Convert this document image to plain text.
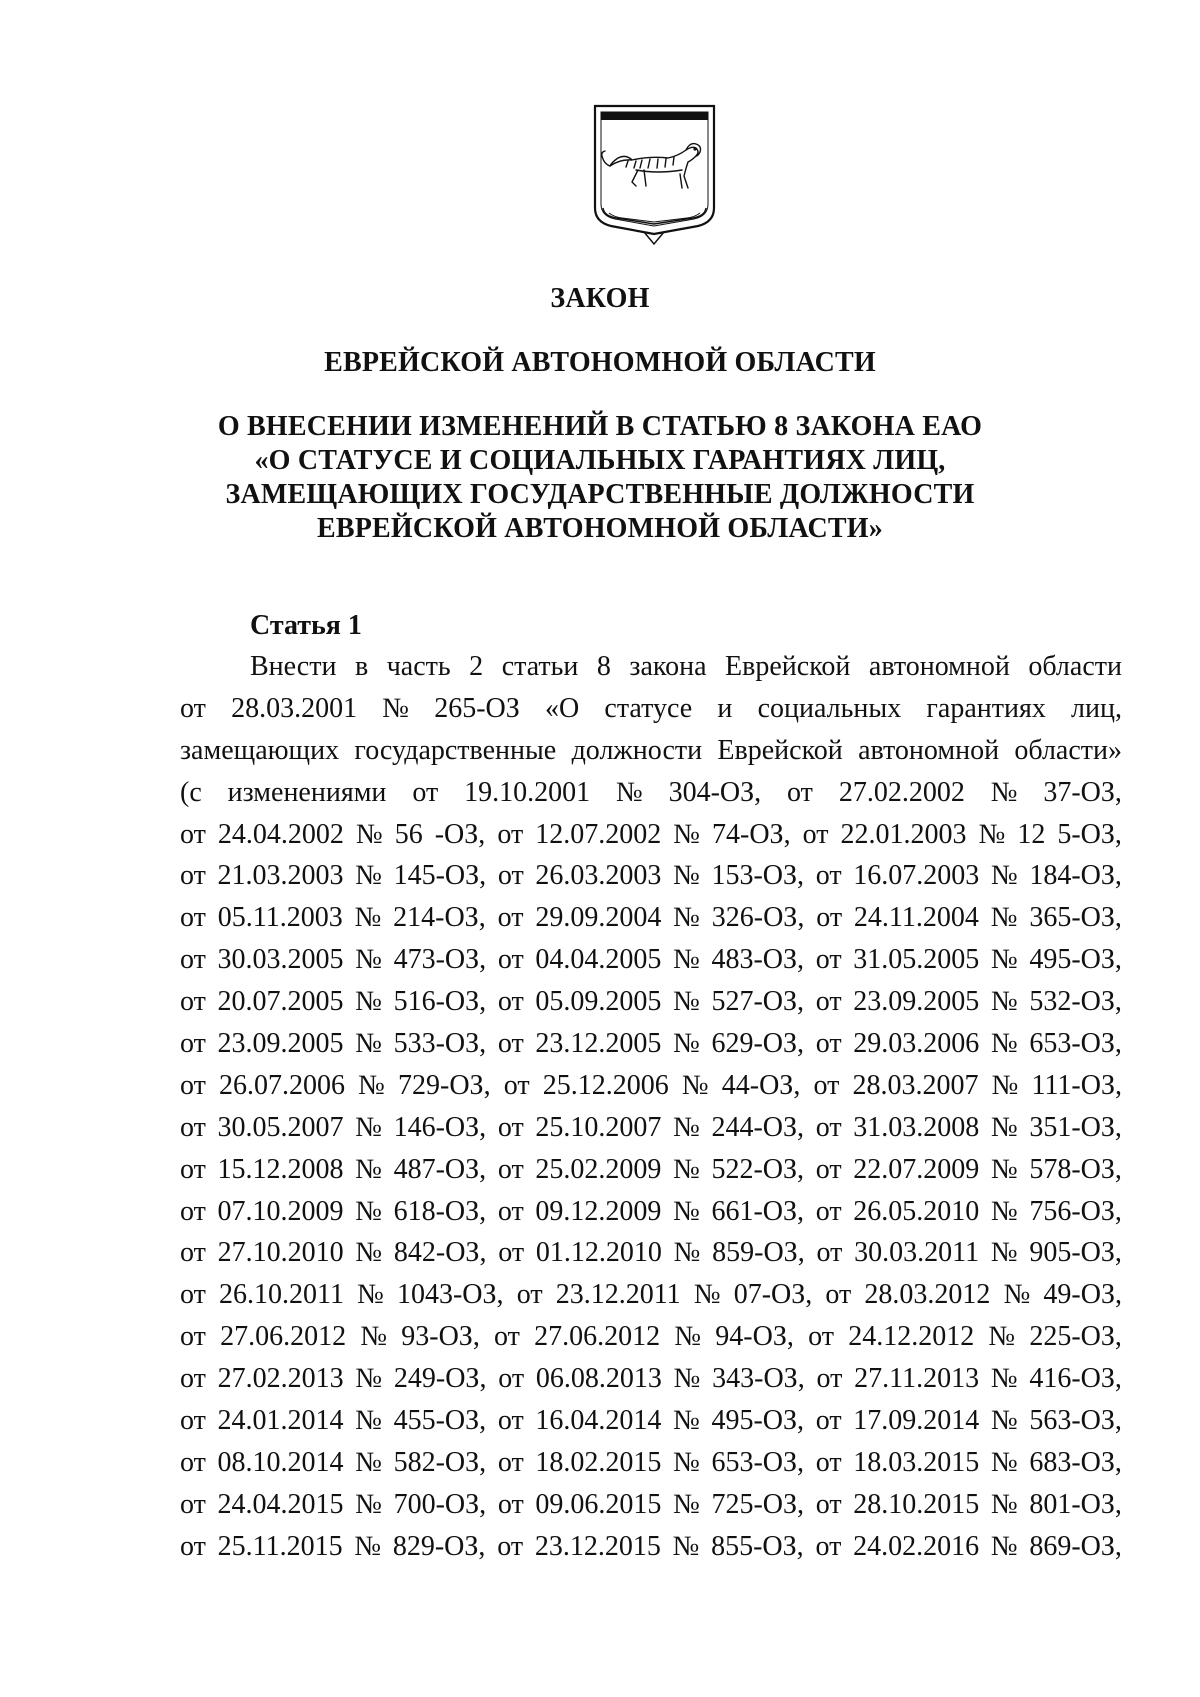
ЗАКОН
ЕВРЕЙСКОЙ АВТОНОМНОЙ ОБЛАСТИ
О ВНЕСЕНИИ ИЗМЕНЕНИЙ В СТАТЬЮ 8 ЗАКОНА ЕАО
«О СТАТУСЕ И СОЦИАЛЬНЫХ ГАРАНТИЯХ ЛИЦ,
ЗАМЕЩАЮЩИХ ГОСУДАРСТВЕННЫЕ ДОЛЖНОСТИ
ЕВРЕЙСКОЙ АВТОНОМНОЙ ОБЛАСТИ»
Статья 1
Внести в часть 2 статьи 8 закона Еврейской автономной области
от 28.03.2001 № 265-ОЗ «О статусе и социальных гарантиях лиц,
замещающих государственные должности Еврейской автономной области»
(с изменениями от 19.10.2001 № 304-ОЗ, от 27.02.2002 № 37-ОЗ,
от 24.04.2002 № 56 -ОЗ, от 12.07.2002 № 74-ОЗ, от 22.01.2003 № 12 5-ОЗ,
от 21.03.2003 № 145-ОЗ, от 26.03.2003 № 153-ОЗ, от 16.07.2003 № 184-ОЗ,
от 05.11.2003 № 214-ОЗ, от 29.09.2004 № 326-ОЗ, от 24.11.2004 № 365-ОЗ,
от 30.03.2005 № 473-ОЗ, от 04.04.2005 № 483-ОЗ, от 31.05.2005 № 495-ОЗ,
от 20.07.2005 № 516-ОЗ, от 05.09.2005 № 527-ОЗ, от 23.09.2005 № 532-ОЗ,
от 23.09.2005 № 533-ОЗ, от 23.12.2005 № 629-ОЗ, от 29.03.2006 № 653-ОЗ,
от 26.07.2006 № 729-ОЗ, от 25.12.2006 № 44-ОЗ, от 28.03.2007 № 111-ОЗ,
от 30.05.2007 № 146-ОЗ, от 25.10.2007 № 244-ОЗ, от 31.03.2008 № 351-ОЗ,
от 15.12.2008 № 487-ОЗ, от 25.02.2009 № 522-ОЗ, от 22.07.2009 № 578-ОЗ,
от 07.10.2009 № 618-ОЗ, от 09.12.2009 № 661-ОЗ, от 26.05.2010 № 756-ОЗ,
от 27.10.2010 № 842-ОЗ, от 01.12.2010 № 859-ОЗ, от 30.03.2011 № 905-ОЗ,
от 26.10.2011 № 1043-ОЗ, от 23.12.2011 № 07-ОЗ, от 28.03.2012 № 49-ОЗ,
от 27.06.2012 № 93-ОЗ, от 27.06.2012 № 94-ОЗ, от 24.12.2012 № 225-ОЗ,
от 27.02.2013 № 249-ОЗ, от 06.08.2013 № 343-ОЗ, от 27.11.2013 № 416-ОЗ,
от 24.01.2014 № 455-ОЗ, от 16.04.2014 № 495-ОЗ, от 17.09.2014 № 563-ОЗ,
от 08.10.2014 № 582-ОЗ, от 18.02.2015 № 653-ОЗ, от 18.03.2015 № 683-ОЗ,
от 24.04.2015 № 700-ОЗ, от 09.06.2015 № 725-ОЗ, от 28.10.2015 № 801-ОЗ,
от 25.11.2015 № 829-ОЗ, от 23.12.2015 № 855-ОЗ, от 24.02.2016 № 869-ОЗ,
